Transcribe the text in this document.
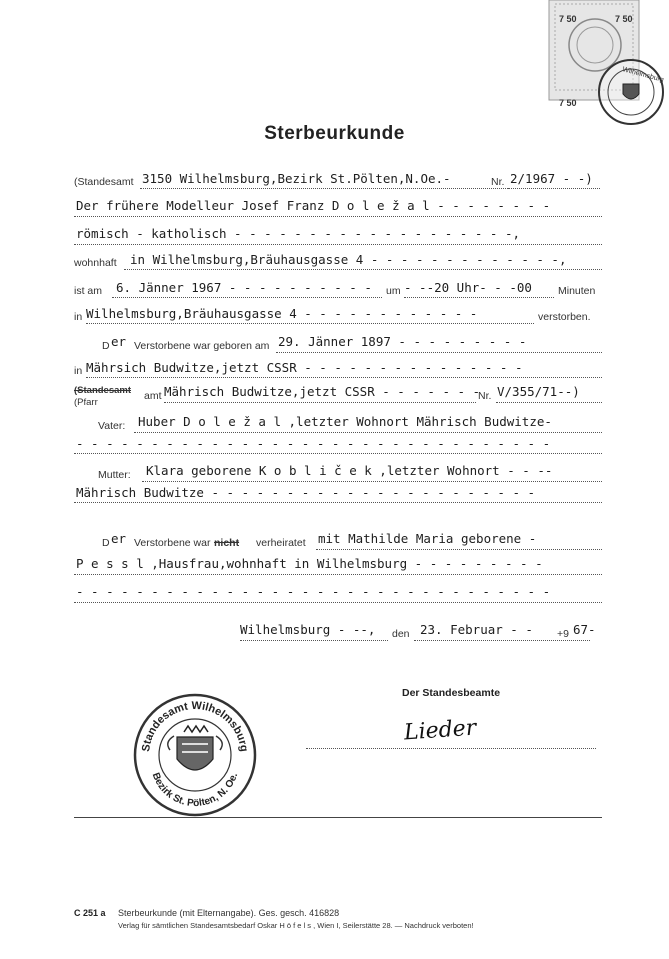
7 50	7 50
7 50
Wilhelmsburg
Sterbeurkunde
(Standesamt 3150 Wilhelmsburg,Bezirk St.Pölten,N.Oe.-	Nr. 2/1967 - -)
Der frühere Modelleur Josef Franz D o l e ž a l - - - - - - - -
römisch - katholisch - - - - - - - - - - - - - - - - - - -,
wohnhaft in Wilhelmsburg,Bräuhausgasse 4 - - - - - - - - - - - - -,
ist am 6. Jänner 1967 - - - - - - - - - - um - --20 Uhr- - -00 Minuten
in Wilhelmsburg,Bräuhausgasse 4 - - - - - - - - - - - -	verstorben.
D er Verstorbene war geboren am 29. Jänner 1897 - - - - - - - - -
in Mährsich Budwitze,jetzt CSSR - - - - - - - - - - - - - - -
(Standesamt
(Pfarr
amt Mährisch Budwitze,jetzt CSSR - - - - - - -
Nr. V/355/71--)
Vater: Huber D o l e ž a l ,letzter Wohnort Mährisch Budwitze-
- - - - - - - - - - - - - - - - - - - - - - - - - - - - - - - -
Mutter: Klara geborene K o b l i č e k ,letzter Wohnort - - --
Mährisch Budwitze - - - - - - - - - - - - - - - - - - - - - -
D er Verstorbene war nicht verheiratet mit Mathilde Maria geborene -
P e s s l ,Hausfrau,wohnhaft in Wilhelmsburg - - - - - - - - -
- - - - - - - - - - - - - - - - - - - - - - - - - - - - - - - -
Wilhelmsburg - --, den 23. Februar - - +9 67-
Der Standesbeamte
Lieder
Standesamt Wilhelmsburg
Bezirk St. Pölten, N. Oe.
C 251 a Sterbeurkunde (mit Elternangabe). Ges. gesch. 416828
Verlag für sämtlichen Standesamtsbedarf Oskar H ö f e l s , Wien I, Seilerstätte 28. — Nachdruck verboten!
